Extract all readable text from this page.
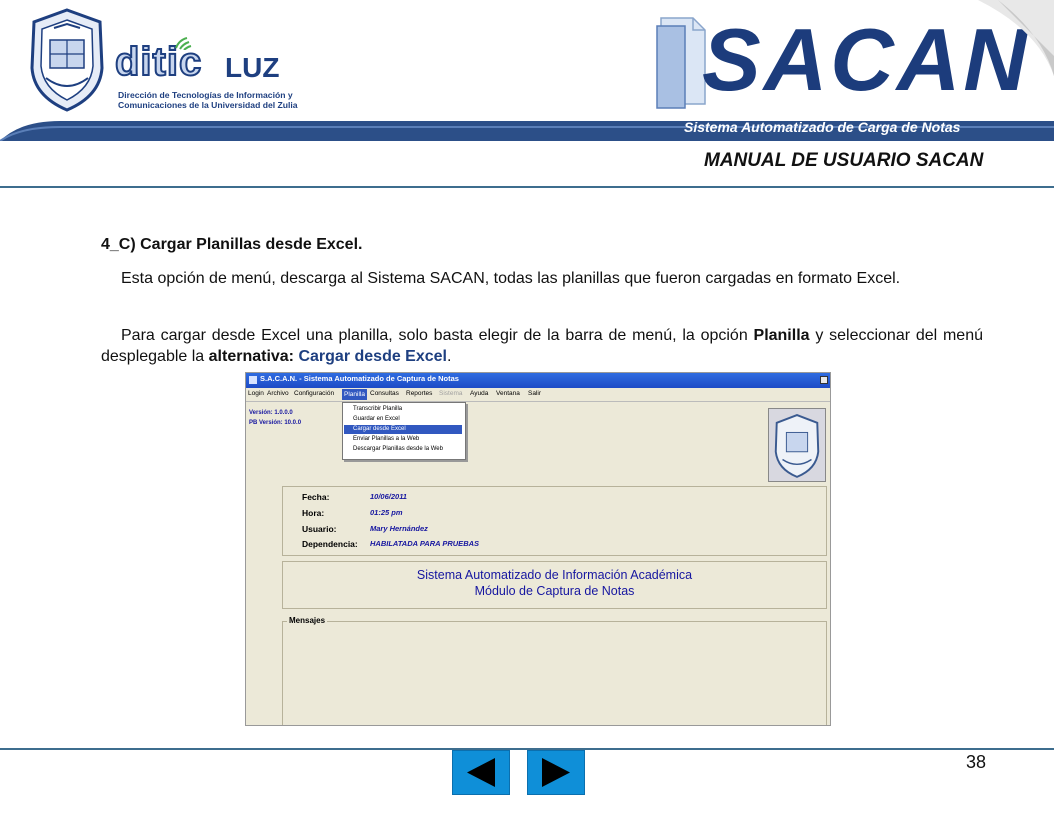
ditic LUZ
Dirección de Tecnologías de Información y
Comunicaciones de la Universidad del Zulia	SACAN
Sistema Automatizado de Carga de Notas
MANUAL DE USUARIO SACAN
4_C) Cargar Planillas desde Excel.
Esta opción de menú, descarga al Sistema SACAN, todas las planillas que fueron cargadas en formato Excel.
Para cargar desde Excel una planilla, solo basta elegir de la barra de menú, la opción Planilla y seleccionar del menú desplegable la alternativa: Cargar desde Excel.
S.A.C.A.N. - Sistema Automatizado de Captura de Notas
Login Archivo Configuración	Planilla Consultas Reportes Sistema Ayuda Ventana Salir
Versión: 1.0.0.0
PB Versión: 10.0.0
Transcribir Planilla
Guardar en Excel
Cargar desde Excel
Enviar Planillas a la Web
Descargar Planillas desde la Web
Fecha:	10/06/2011
Hora:	01:25 pm
Usuario:	Mary Hernández
Dependencia: HABILATADA PARA PRUEBAS
Sistema Automatizado de Información Académica
Módulo de Captura de Notas
Mensajes
38
